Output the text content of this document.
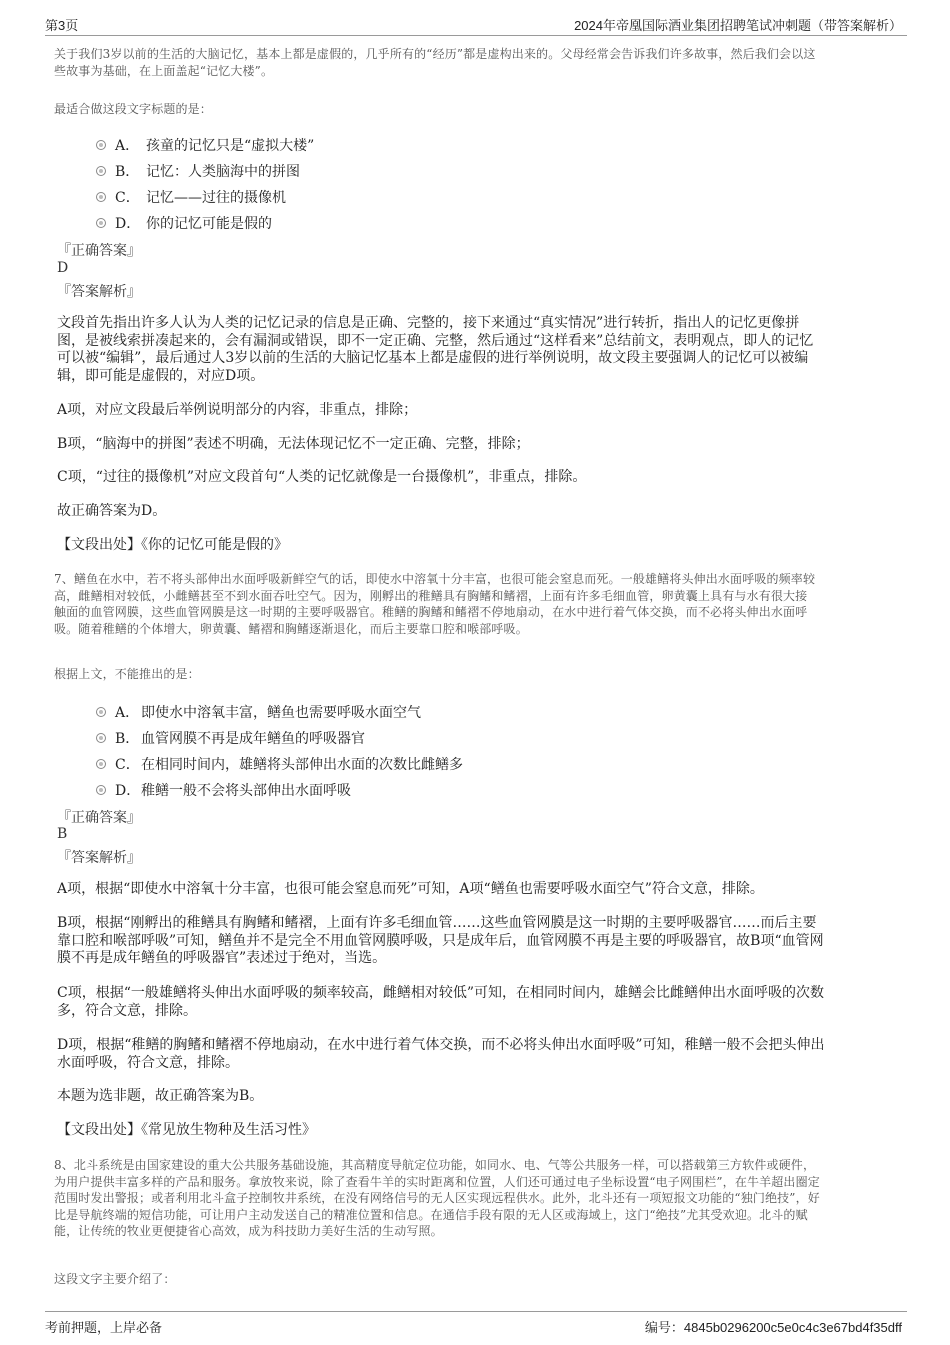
第3页	2024年帝凰国际酒业集团招聘笔试冲刺题（带答案解析）
关于我们3岁以前的生活的大脑记忆，基本上都是虚假的，几乎所有的“经历”都是虚构出来的。父母经常会告诉我们许多故事，然后我们会以这
些故事为基础，在上面盖起“记忆大楼”。
最适合做这段文字标题的是：
A． 孩童的记忆只是“虚拟大楼”
B． 记忆：人类脑海中的拼图
C． 记忆——过往的摄像机
D． 你的记忆可能是假的
『正确答案』
D
『答案解析』
文段首先指出许多人认为人类的记忆记录的信息是正确、完整的，接下来通过“真实情况”进行转折，指出人的记忆更像拼
图，是被线索拼凑起来的，会有漏洞或错误，即不一定正确、完整，然后通过“这样看来”总结前文，表明观点，即人的记忆
可以被“编辑”，最后通过人3岁以前的生活的大脑记忆基本上都是虚假的进行举例说明，故文段主要强调人的记忆可以被编
辑，即可能是虚假的，对应D项。
A项，对应文段最后举例说明部分的内容，非重点，排除；
B项，“脑海中的拼图”表述不明确，无法体现记忆不一定正确、完整，排除；
C项，“过往的摄像机”对应文段首句“人类的记忆就像是一台摄像机”，非重点，排除。
故正确答案为D。
【文段出处】《你的记忆可能是假的》
7、鳝鱼在水中，若不将头部伸出水面呼吸新鲜空气的话，即使水中溶氧十分丰富，也很可能会窒息而死。一般雄鳝将头伸出水面呼吸的频率较
高，雌鳝相对较低，小雌鳝甚至不到水面吞吐空气。因为，刚孵出的稚鳝具有胸鳍和鳍褶，上面有许多毛细血管，卵黄囊上具有与水有很大接
触面的血管网膜，这些血管网膜是这一时期的主要呼吸器官。稚鳝的胸鳍和鳍褶不停地扇动，在水中进行着气体交换，而不必将头伸出水面呼
吸。随着稚鳝的个体增大，卵黄囊、鳍褶和胸鳍逐渐退化，而后主要靠口腔和喉部呼吸。
根据上文，不能推出的是：
A． 即使水中溶氧丰富，鳝鱼也需要呼吸水面空气
B． 血管网膜不再是成年鳝鱼的呼吸器官
C． 在相同时间内，雄鳝将头部伸出水面的次数比雌鳝多
D． 稚鳝一般不会将头部伸出水面呼吸
『正确答案』
B
『答案解析』
A项，根据“即使水中溶氧十分丰富，也很可能会窒息而死”可知，A项“鳝鱼也需要呼吸水面空气”符合文意，排除。
B项，根据“刚孵出的稚鳝具有胸鳍和鳍褶，上面有许多毛细血管……这些血管网膜是这一时期的主要呼吸器官……而后主要
靠口腔和喉部呼吸”可知，鳝鱼并不是完全不用血管网膜呼吸，只是成年后，血管网膜不再是主要的呼吸器官，故B项“血管网
膜不再是成年鳝鱼的呼吸器官”表述过于绝对，当选。
C项，根据“一般雄鳝将头伸出水面呼吸的频率较高，雌鳝相对较低”可知，在相同时间内，雄鳝会比雌鳝伸出水面呼吸的次数
多，符合文意，排除。
D项，根据“稚鳝的胸鳍和鳍褶不停地扇动，在水中进行着气体交换，而不必将头伸出水面呼吸”可知，稚鳝一般不会把头伸出
水面呼吸，符合文意，排除。
本题为选非题，故正确答案为B。
【文段出处】《常见放生物种及生活习性》
8、北斗系统是由国家建设的重大公共服务基础设施，其高精度导航定位功能，如同水、电、气等公共服务一样，可以搭载第三方软件或硬件，
为用户提供丰富多样的产品和服务。拿放牧来说，除了查看牛羊的实时距离和位置，人们还可通过电子坐标设置“电子网围栏”，在牛羊超出圈定
范围时发出警报；或者利用北斗盒子控制牧井系统，在没有网络信号的无人区实现远程供水。此外，北斗还有一项短报文功能的“独门绝技”，好
比是导航终端的短信功能，可让用户主动发送自己的精准位置和信息。在通信手段有限的无人区或海域上，这门“绝技”尤其受欢迎。北斗的赋
能，让传统的牧业更便捷省心高效，成为科技助力美好生活的生动写照。
这段文字主要介绍了：
考前押题，上岸必备	编号：4845b0296200c5e0c4c3e67bd4f35dff
